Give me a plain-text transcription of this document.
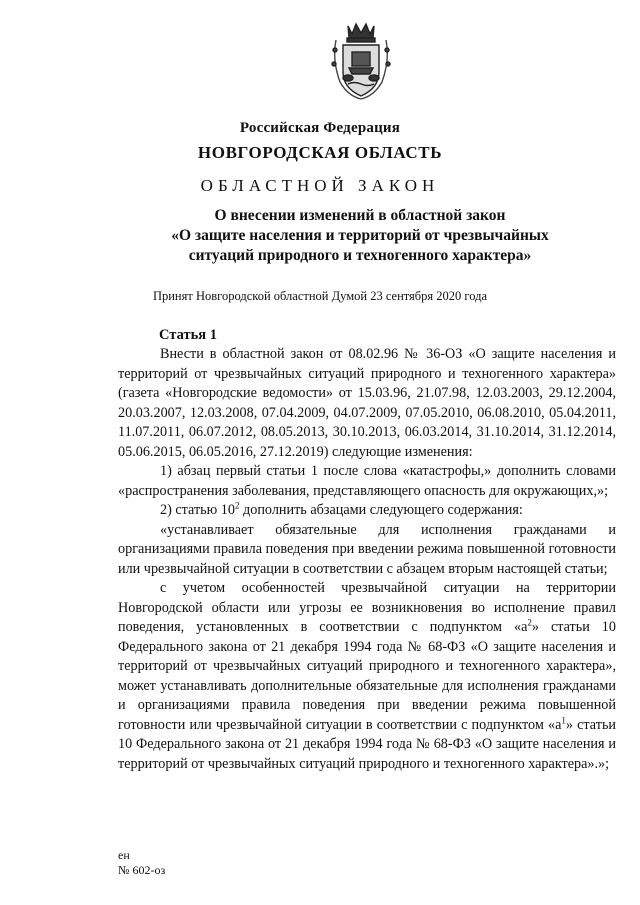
Российская Федерация
НОВГОРОДСКАЯ ОБЛАСТЬ
ОБЛАСТНОЙ ЗАКОН
О внесении изменений в областной закон
«О защите населения и территорий от чрезвычайных
ситуаций природного и техногенного характера»
Принят Новгородской областной Думой 23 сентября 2020 года
Статья 1

Внести в областной закон от 08.02.96 № 36-ОЗ «О защите населения и территорий от чрезвычайных ситуаций природного и техногенного характера» (газета «Новгородские ведомости» от 15.03.96, 21.07.98, 12.03.2003, 29.12.2004, 20.03.2007, 12.03.2008, 07.04.2009, 04.07.2009, 07.05.2010, 06.08.2010, 05.04.2011, 11.07.2011, 06.07.2012, 08.05.2013, 30.10.2013, 06.03.2014, 31.10.2014, 31.12.2014, 05.06.2015, 06.05.2016, 27.12.2019) следующие изменения:

1) абзац первый статьи 1 после слова «катастрофы,» дополнить словами «распространения заболевания, представляющего опасность для окружающих,»;

2) статью $10^2$ дополнить абзацами следующего содержания:

«устанавливает обязательные для исполнения гражданами и организациями правила поведения при введении режима повышенной готовности или чрезвычайной ситуации в соответствии с абзацем вторым настоящей статьи;

с учетом особенностей чрезвычайной ситуации на территории Новгородской области или угрозы ее возникновения во исполнение правил поведения, установленных в соответствии с подпунктом «$а^2$» статьи 10 Федерального закона от 21 декабря 1994 года № 68-ФЗ «О защите населения и территорий от чрезвычайных ситуаций природного и техногенного характера», может устанавливать дополнительные обязательные для исполнения гражданами и организациями правила поведения при введении режима повышенной готовности или чрезвычайной ситуации в соответствии с подпунктом «$а^1$» статьи 10 Федерального закона от 21 декабря 1994 года № 68-ФЗ «О защите населения и территорий от чрезвычайных ситуаций природного и техногенного характера».»;

ен
№ 602-оз
